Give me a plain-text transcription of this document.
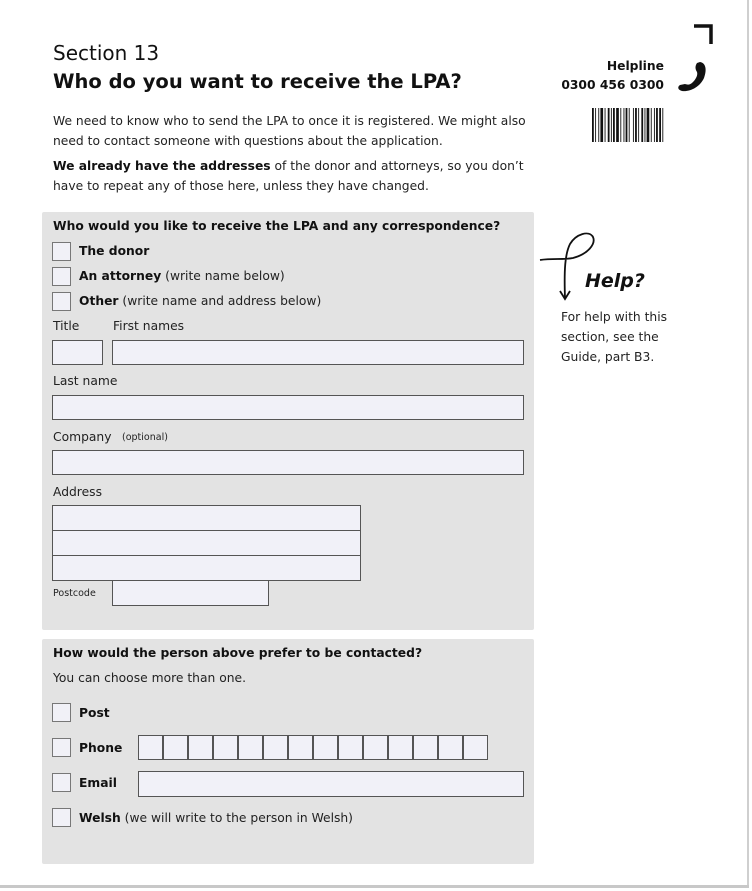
Section 13
Who do you want to receive the LPA?
We need to know who to send the LPA to once it is registered. We might also
need to contact someone with questions about the application.
We already have the addresses of the donor and attorneys, so you don’t
have to repeat any of those here, unless they have changed.
Helpline
0300 456 0300
Help?
For help with this
section, see the
Guide, part B3.
Who would you like to receive the LPA and any correspondence?
The donor
An attorney (write name below)
Other (write name and address below)
Title	First names
Last name
Company (optional)
Address
Postcode
How would the person above prefer to be contacted?
You can choose more than one.
Post
Phone
Email
Welsh (we will write to the person in Welsh)
